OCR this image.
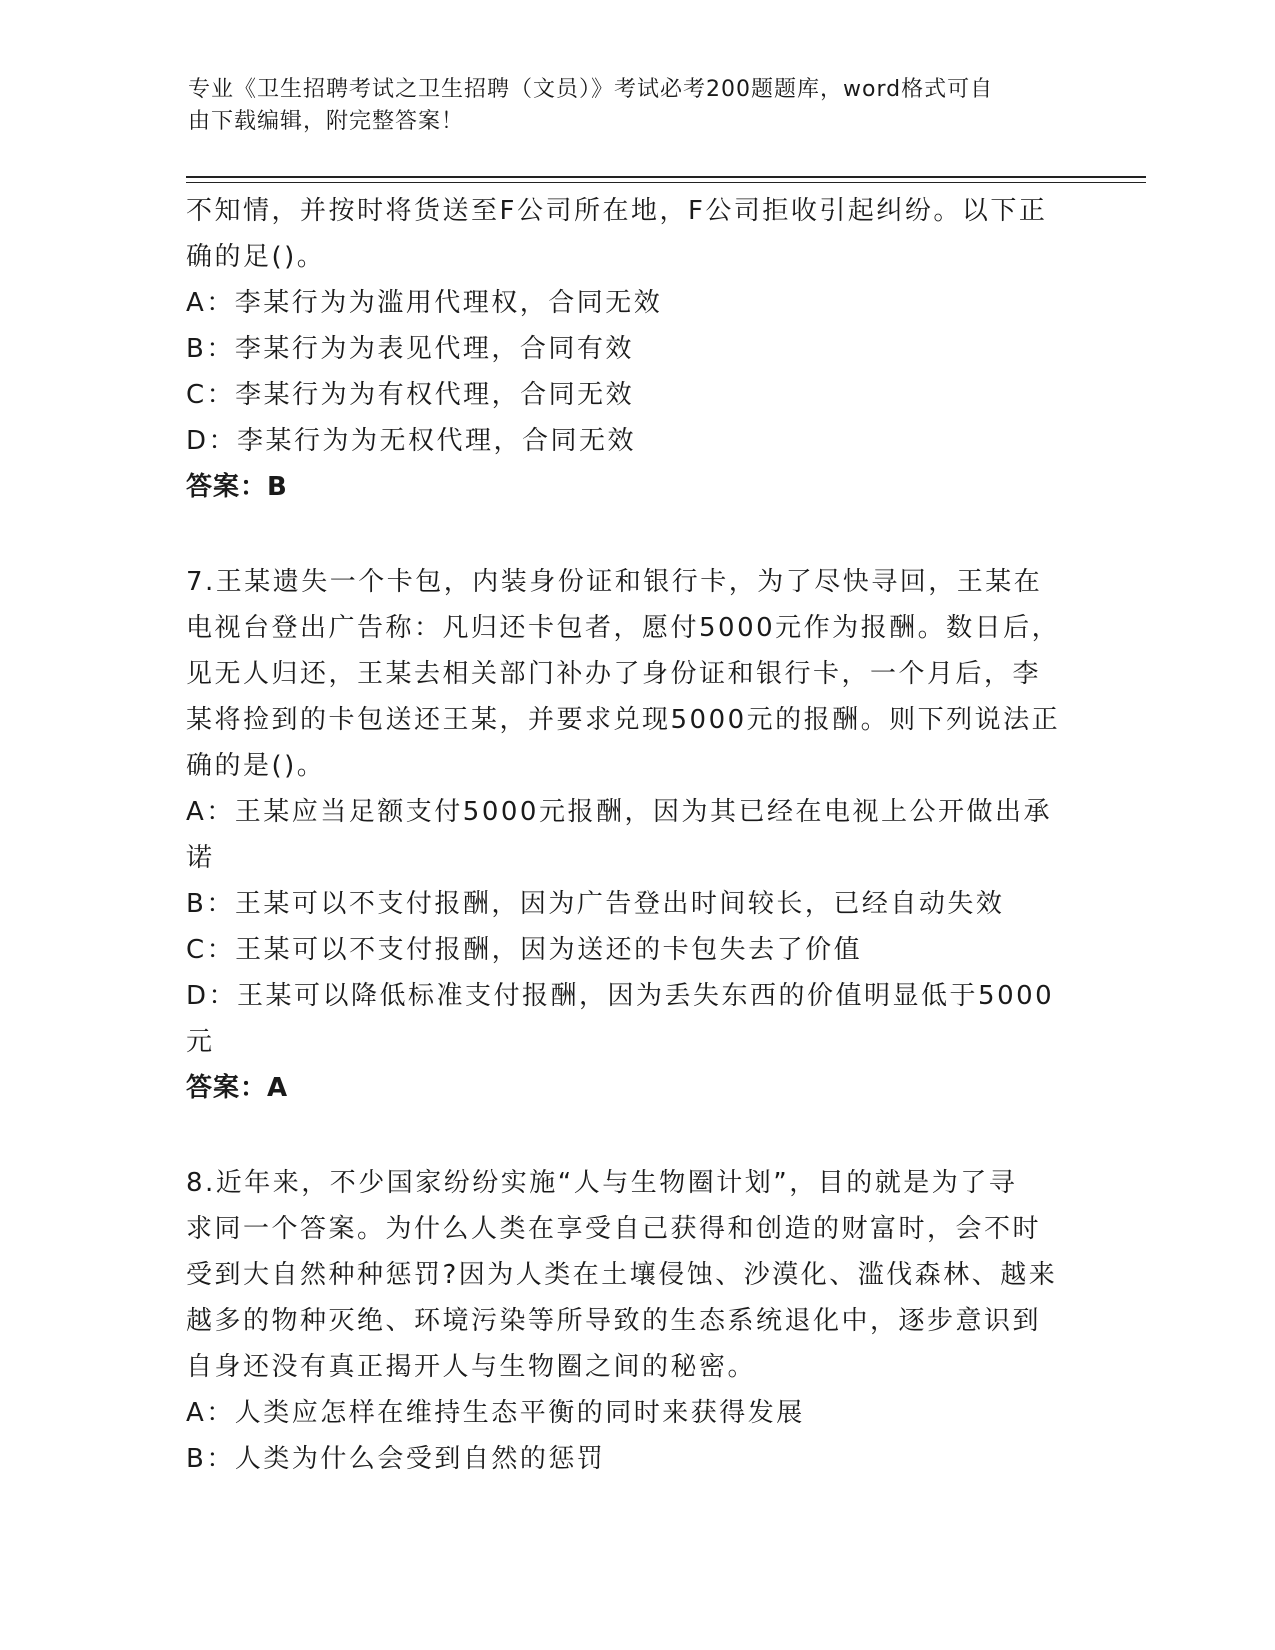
专业《卫生招聘考试之卫生招聘（文员）》考试必考200题题库，word格式可自
由下载编辑，附完整答案！
不知情，并按时将货送至F公司所在地，F公司拒收引起纠纷。以下正
确的足()。
A：李某行为为滥用代理权，合同无效
B：李某行为为表见代理，合同有效
C：李某行为为有权代理，合同无效
D：李某行为为无权代理，合同无效
答案：B
7.王某遗失一个卡包，内装身份证和银行卡，为了尽快寻回，王某在
电视台登出广告称：凡归还卡包者，愿付5000元作为报酬。数日后，
见无人归还，王某去相关部门补办了身份证和银行卡，一个月后，李
某将捡到的卡包送还王某，并要求兑现5000元的报酬。则下列说法正
确的是()。
A：王某应当足额支付5000元报酬，因为其已经在电视上公开做出承
诺
B：王某可以不支付报酬，因为广告登出时间较长，已经自动失效
C：王某可以不支付报酬，因为送还的卡包失去了价值
D：王某可以降低标准支付报酬，因为丢失东西的价值明显低于5000
元
答案：A
8.近年来，不少国家纷纷实施“人与生物圈计划”，目的就是为了寻
求同一个答案。为什么人类在享受自己获得和创造的财富时，会不时
受到大自然种种惩罚?因为人类在土壤侵蚀、沙漠化、滥伐森林、越来
越多的物种灭绝、环境污染等所导致的生态系统退化中，逐步意识到
自身还没有真正揭开人与生物圈之间的秘密。
A：人类应怎样在维持生态平衡的同时来获得发展
B：人类为什么会受到自然的惩罚
